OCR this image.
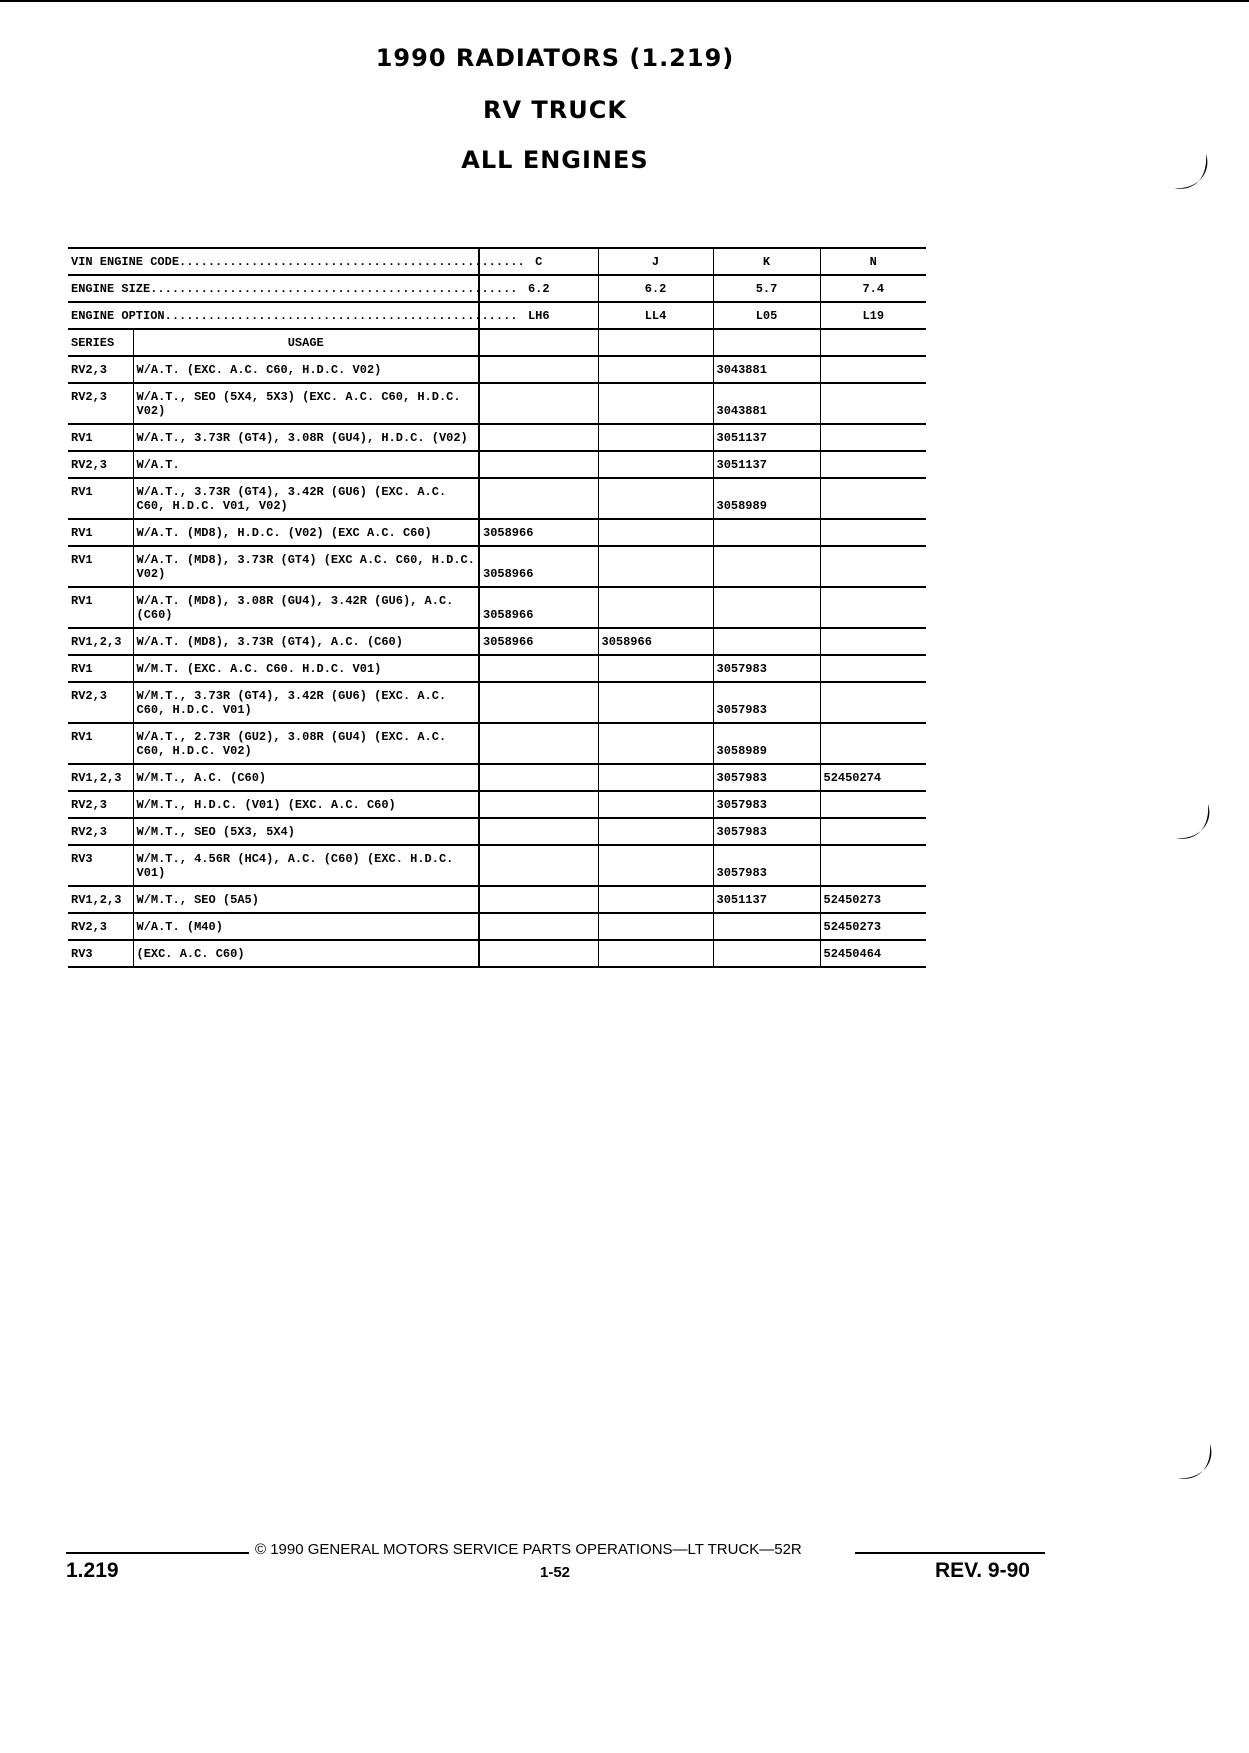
1990 RADIATORS (1.219)
RV TRUCK
ALL ENGINES
VIN ENGINE CODE................................................		C	J	K	N
ENGINE SIZE...................................................		6.2	6.2	5.7	7.4
ENGINE OPTION.................................................		LH6	LL4	L05	L19
SERIES	USAGE				
RV2,3	W/A.T. (EXC. A.C. C60, H.D.C. V02)			3043881	
RV2,3	W/A.T., SEO (5X4, 5X3) (EXC. A.C. C60, H.D.C. V02)			3043881	
RV1	W/A.T., 3.73R (GT4), 3.08R (GU4), H.D.C. (V02)			3051137	
RV2,3	W/A.T.			3051137	
RV1	W/A.T., 3.73R (GT4), 3.42R (GU6) (EXC. A.C. C60, H.D.C. V01, V02)			3058989	
RV1	W/A.T. (MD8), H.D.C. (V02) (EXC A.C. C60)	3058966			
RV1	W/A.T. (MD8), 3.73R (GT4) (EXC A.C. C60, H.D.C. V02)	3058966			
RV1	W/A.T. (MD8), 3.08R (GU4), 3.42R (GU6), A.C. (C60)	3058966			
RV1,2,3	W/A.T. (MD8), 3.73R (GT4), A.C. (C60)	3058966	3058966		
RV1	W/M.T. (EXC. A.C. C60. H.D.C. V01)			3057983	
RV2,3	W/M.T., 3.73R (GT4), 3.42R (GU6) (EXC. A.C. C60, H.D.C. V01)			3057983	
RV1	W/A.T., 2.73R (GU2), 3.08R (GU4) (EXC. A.C. C60, H.D.C. V02)			3058989	
RV1,2,3	W/M.T., A.C. (C60)			3057983	52450274
RV2,3	W/M.T., H.D.C. (V01) (EXC. A.C. C60)			3057983	
RV2,3	W/M.T., SEO (5X3, 5X4)			3057983	
RV3	W/M.T., 4.56R (HC4), A.C. (C60) (EXC. H.D.C. V01)			3057983	
RV1,2,3	W/M.T., SEO (5A5)			3051137	52450273
RV2,3	W/A.T. (M40)				52450273
RV3	(EXC. A.C. C60)				52450464
1.219
© 1990 GENERAL MOTORS SERVICE PARTS OPERATIONS—LT TRUCK—52R
1-52	REV. 9-90
